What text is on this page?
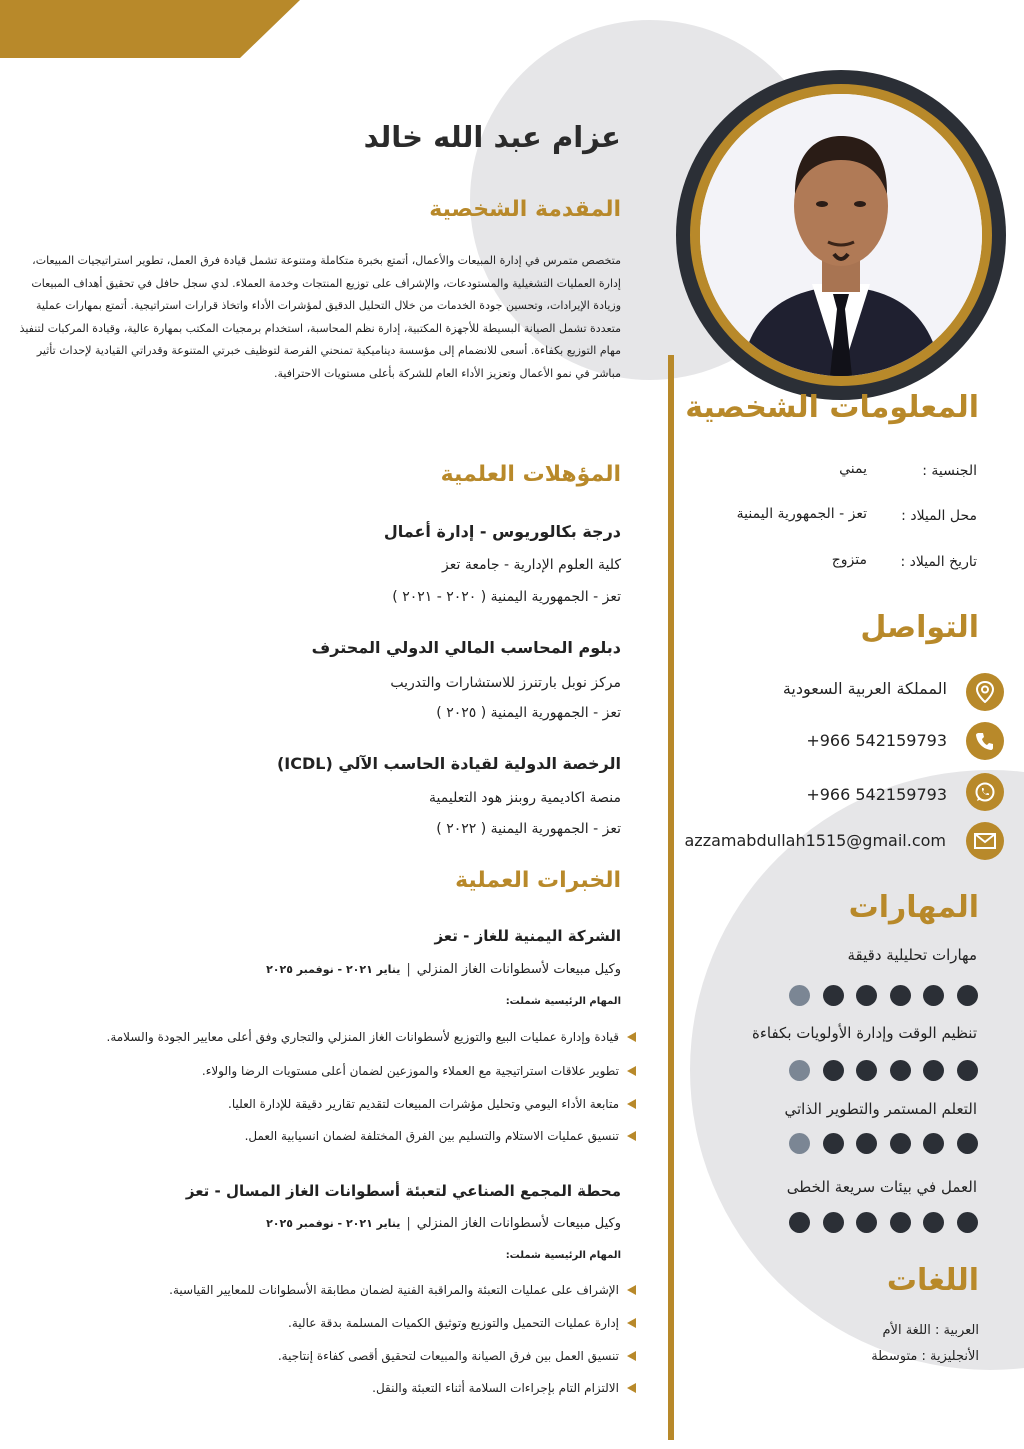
عزام عبد الله خالد
المقدمة الشخصية
متخصص متمرس في إدارة المبيعات والأعمال، أتمتع بخبرة متكاملة ومتنوعة تشمل قيادة فرق العمل، تطوير استراتيجيات المبيعات،
إدارة العمليات التشغيلية والمستودعات، والإشراف على توزيع المنتجات وخدمة العملاء. لدي سجل حافل في تحقيق أهداف المبيعات
وزيادة الإيرادات، وتحسين جودة الخدمات من خلال التحليل الدقيق لمؤشرات الأداء واتخاذ قرارات استراتيجية. أتمتع بمهارات عملية
متعددة تشمل الصيانة البسيطة للأجهزة المكتبية، إدارة نظم المحاسبة، استخدام برمجيات المكتب بمهارة عالية، وقيادة المركبات لتنفيذ
مهام التوزيع بكفاءة. أسعى للانضمام إلى مؤسسة ديناميكية تمنحني الفرصة لتوظيف خبرتي المتنوعة وقدراتي القيادية لإحداث تأثير
مباشر في نمو الأعمال وتعزيز الأداء العام للشركة بأعلى مستويات الاحترافية.
المؤهلات العلمية
درجة بكالوريوس - إدارة أعمال
كلية العلوم الإدارية - جامعة تعز
تعز - الجمهورية اليمنية ( ٢٠٢٠ - ٢٠٢١ )
دبلوم المحاسب المالي الدولي المحترف
مركز نوبل بارتنرز للاستشارات والتدريب
تعز - الجمهورية اليمنية ( ٢٠٢٥ )
الرخصة الدولية لقيادة الحاسب الآلي (ICDL)
منصة اكاديمية روبنز هود التعليمية
تعز - الجمهورية اليمنية ( ٢٠٢٢ )
الخبرات العملية
الشركة اليمنية للغاز - تعز
وكيل مبيعات لأسطوانات الغاز المنزلي|يناير ٢٠٢١ - نوفمبر ٢٠٢٥
المهام الرئيسية شملت:
قيادة وإدارة عمليات البيع والتوزيع لأسطوانات الغاز المنزلي والتجاري وفق أعلى معايير الجودة والسلامة.
تطوير علاقات استراتيجية مع العملاء والموزعين لضمان أعلى مستويات الرضا والولاء.
متابعة الأداء اليومي وتحليل مؤشرات المبيعات لتقديم تقارير دقيقة للإدارة العليا.
تنسيق عمليات الاستلام والتسليم بين الفرق المختلفة لضمان انسيابية العمل.
محطة المجمع الصناعي لتعبئة أسطوانات الغاز المسال - تعز
وكيل مبيعات لأسطوانات الغاز المنزلي|يناير ٢٠٢١ - نوفمبر ٢٠٢٥
المهام الرئيسية شملت:
الإشراف على عمليات التعبئة والمراقبة الفنية لضمان مطابقة الأسطوانات للمعايير القياسية.
إدارة عمليات التحميل والتوزيع وتوثيق الكميات المسلمة بدقة عالية.
تنسيق العمل بين فرق الصيانة والمبيعات لتحقيق أقصى كفاءة إنتاجية.
الالتزام التام بإجراءات السلامة أثناء التعبئة والنقل.
المعلومات الشخصية
الجنسية :
يمني
محل الميلاد :
تعز - الجمهورية اليمنية
تاريخ الميلاد :
متزوج
التواصل
المملكة العربية السعودية
+966 542159793
+966 542159793
azzamabdullah1515@gmail.com
المهارات
مهارات تحليلية دقيقة
تنظيم الوقت وإدارة الأولويات بكفاءة
التعلم المستمر والتطوير الذاتي
العمل في بيئات سريعة الخطى
اللغات
العربية : اللغة الأم
الأنجليزية : متوسطة
